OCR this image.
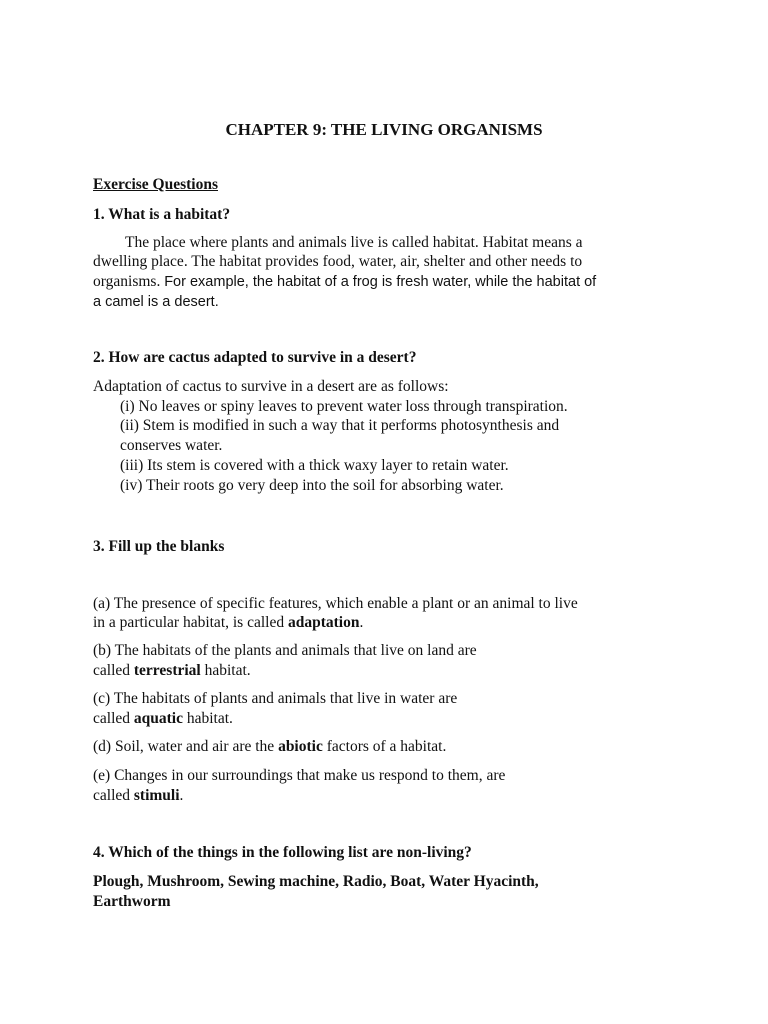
CHAPTER 9: THE LIVING ORGANISMS
Exercise Questions
1. What is a habitat?
The place where plants and animals live is called habitat. Habitat means a
dwelling place. The habitat provides food, water, air, shelter and other needs to
organisms. For example, the habitat of a frog is fresh water, while the habitat of
a camel is a desert.
2. How are cactus adapted to survive in a desert?
Adaptation of cactus to survive in a desert are as follows:
(i) No leaves or spiny leaves to prevent water loss through transpiration.
(ii) Stem is modified in such a way that it performs photosynthesis and
conserves water.
(iii) Its stem is covered with a thick waxy layer to retain water.
(iv) Their roots go very deep into the soil for absorbing water.
3. Fill up the blanks
(a) The presence of specific features, which enable a plant or an animal to live
in a particular habitat, is called adaptation.
(b) The habitats of the plants and animals that live on land are
called terrestrial habitat.
(c) The habitats of plants and animals that live in water are
called aquatic habitat.
(d) Soil, water and air are the abiotic factors of a habitat.
(e) Changes in our surroundings that make us respond to them, are
called stimuli.
4. Which of the things in the following list are non-living?
Plough, Mushroom, Sewing machine, Radio, Boat, Water Hyacinth,
Earthworm
